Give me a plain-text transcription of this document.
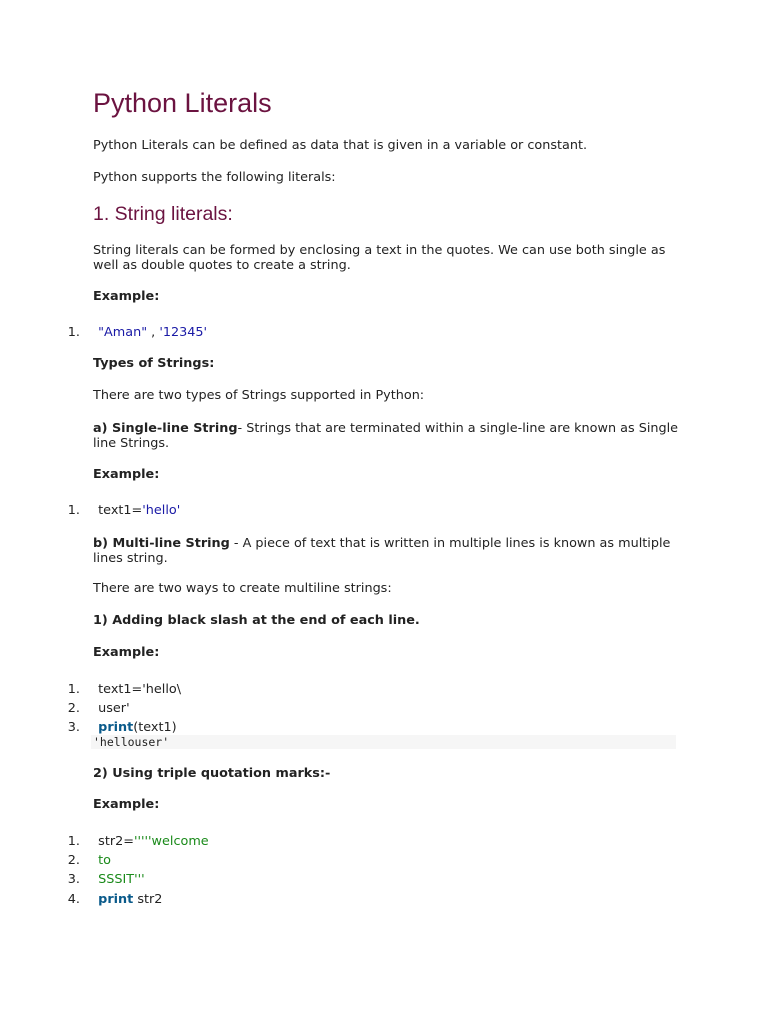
Python Literals
Python Literals can be defined as data that is given in a variable or constant.
Python supports the following literals:
1. String literals:
String literals can be formed by enclosing a text in the quotes. We can use both single as well as double quotes to create a string.
Example:
1. "Aman" , '12345'
Types of Strings:
There are two types of Strings supported in Python:
a) Single-line String- Strings that are terminated within a single-line are known as Single line Strings.
Example:
1. text1='hello'
b) Multi-line String - A piece of text that is written in multiple lines is known as multiple lines string.
There are two ways to create multiline strings:
1) Adding black slash at the end of each line.
Example:
1. text1='hello\
2. user'
3. print(text1)
'hellouser'
2) Using triple quotation marks:-
Example:
1. str2='''''welcome
2. to
3. SSSIT'''
4. print str2
